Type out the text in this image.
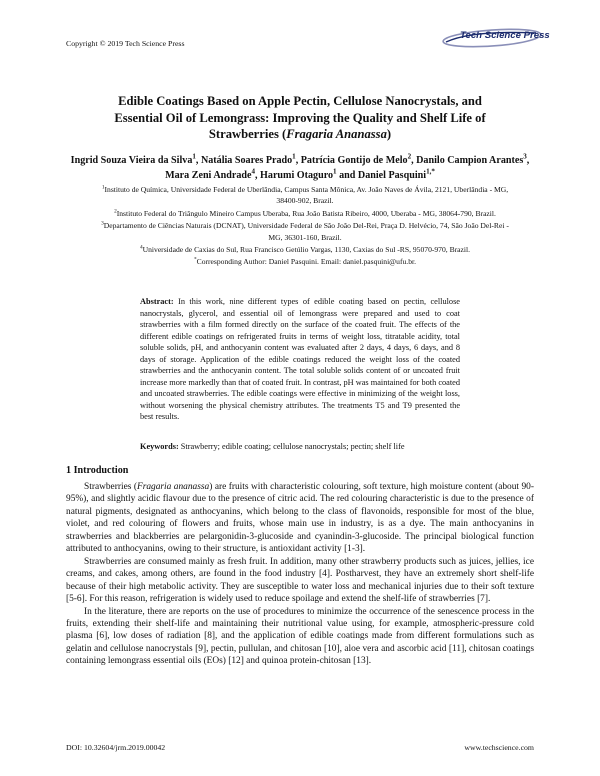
Copyright © 2019 Tech Science Press
Tech Science Press
Edible Coatings Based on Apple Pectin, Cellulose Nanocrystals, and
Essential Oil of Lemongrass: Improving the Quality and Shelf Life of
Strawberries (Fragaria Ananassa)
Ingrid Souza Vieira da Silva$^1$, Natália Soares Prado$^1$, Patrícia Gontijo de Melo$^2$, Danilo Campion Arantes$^3$, Mara Zeni Andrade$^4$, Harumi Otaguro$^1$ and Daniel Pasquini$^{1,*}$

$^1$Instituto de Química, Universidade Federal de Uberlândia, Campus Santa Mônica, Av. João Naves de Ávila, 2121, Uberlândia - MG, 38400-902, Brazil.

$^2$Instituto Federal do Triângulo Mineiro Campus Uberaba, Rua João Batista Ribeiro, 4000, Uberaba - MG, 38064-790, Brazil.

$^3$Departamento de Ciências Naturais (DCNAT), Universidade Federal de São João Del-Rei, Praça D. Helvécio, 74, São João Del-Rei - MG, 36301-160, Brazil.

$^4$Universidade de Caxias do Sul, Rua Francisco Getúlio Vargas, 1130, Caxias do Sul -RS, 95070-970, Brazil.

*Corresponding Author: Daniel Pasquini. Email: daniel.pasquini@ufu.br.

Abstract: In this work, nine different types of edible coating based on pectin, cellulose nanocrystals, glycerol, and essential oil of lemongrass were prepared and used to coat strawberries with a film formed directly on the surface of the coated fruit. The effects of the different edible coatings on refrigerated fruits in terms of weight loss, titratable acidity, total soluble solids, pH, and anthocyanin content was evaluated after 2 days, 4 days, 6 days, and 8 days of storage. Application of the edible coatings reduced the weight loss of the coated strawberries and the anthocyanin content. The total soluble solids content of or uncoated fruit increase more markedly than that of coated fruit. In contrast, pH was maintained for both coated and uncoated strawberries. The edible coatings were effective in minimizing of the weight loss, without worsening the physical chemistry attributes. The treatments T5 and T9 presented the best results.
Keywords: Strawberry; edible coating; cellulose nanocrystals; pectin; shelf life
1 Introduction

Strawberries (Fragaria ananassa) are fruits with characteristic colouring, soft texture, high moisture content (about 90-95%), and slightly acidic flavour due to the presence of citric acid. The red colouring characteristic is due to the presence of natural pigments, designated as anthocyanins, which belong to the class of flavonoids, responsible for most of the blue, violet, and red colouring of flowers and fruits, whose main use in industry, is as a dye. The main anthocyanins in strawberries and blackberries are pelargonidin-3-glucoside and cyanindin-3-glucoside. The principal biological function attributed to anthocyanins, owing to their structure, is antioxidant activity [1-3].

Strawberries are consumed mainly as fresh fruit. In addition, many other strawberry products such as juices, jellies, ice creams, and cakes, among others, are found in the food industry [4]. Postharvest, they have an extremely short shelf-life because of their high metabolic activity. They are susceptible to water loss and mechanical injuries due to their soft texture [5-6]. For this reason, refrigeration is widely used to reduce spoilage and extend the shelf-life of strawberries [7].

In the literature, there are reports on the use of procedures to minimize the occurrence of the senescence process in the fruits, extending their shelf-life and maintaining their nutritional value using, for example, atmospheric-pressure cold plasma [6], low doses of radiation [8], and the application of edible coatings made from different formulations such as gelatin and cellulose nanocrystals [9], pectin, pullulan, and chitosan [10], aloe vera and ascorbic acid [11], chitosan coatings containing lemongrass essential oils (EOs) [12] and quinoa protein-chitosan [13].

DOI: 10.32604/jrm.2019.00042	www.techscience.com
